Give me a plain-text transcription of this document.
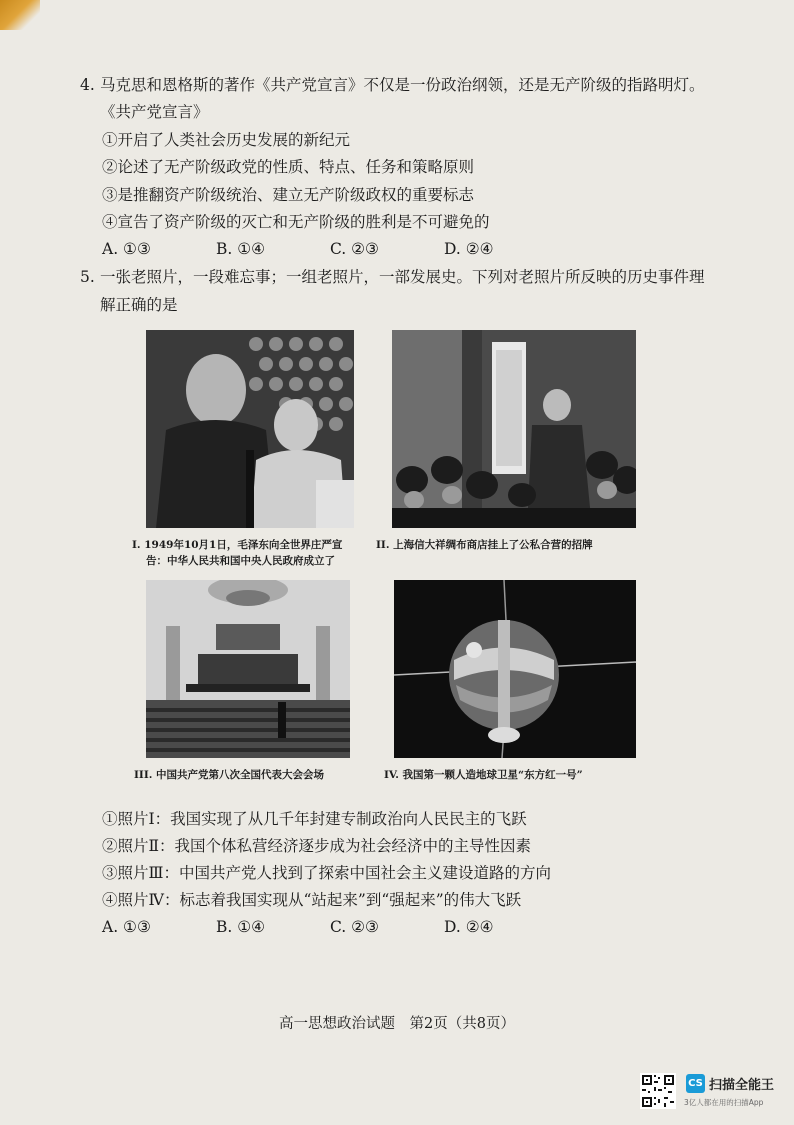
4. 马克思和恩格斯的著作《共产党宣言》不仅是一份政治纲领，还是无产阶级的指路明灯。
《共产党宣言》
①开启了人类社会历史发展的新纪元
②论述了无产阶级政党的性质、特点、任务和策略原则
③是推翻资产阶级统治、建立无产阶级政权的重要标志
④宣告了资产阶级的灭亡和无产阶级的胜利是不可避免的
A. ①③	B. ①④	C. ②③	D. ②④
5. 一张老照片，一段难忘事；一组老照片，一部发展史。下列对老照片所反映的历史事件理
解正确的是
I. 1949年10月1日，毛泽东向全世界庄严宣
告：中华人民共和国中央人民政府成立了
II. 上海信大祥绸布商店挂上了公私合营的招牌
III. 中国共产党第八次全国代表大会会场	IV. 我国第一颗人造地球卫星“东方红一号”
①照片Ⅰ：我国实现了从几千年封建专制政治向人民民主的飞跃
②照片Ⅱ：我国个体私营经济逐步成为社会经济中的主导性因素
③照片Ⅲ：中国共产党人找到了探索中国社会主义建设道路的方向
④照片Ⅳ：标志着我国实现从“站起来”到“强起来”的伟大飞跃
A. ①③	B. ①④	C. ②③	D. ②④
高一思想政治试题　第2页（共8页）
CS 扫描全能王
3亿人都在用的扫描App
